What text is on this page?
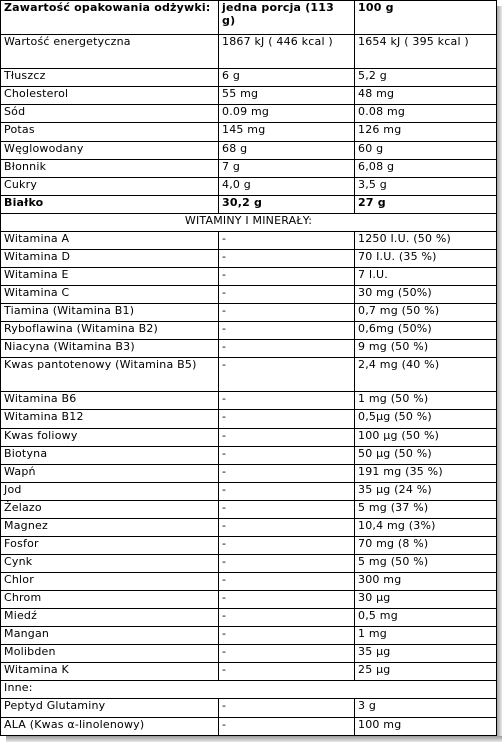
Zawartość opakowania odżywki:	jedna porcja (113 g)	100 g
Wartość energetyczna	1867 kJ ( 446 kcal )	1654 kJ ( 395 kcal )
Tłuszcz	6 g	5,2 g
Cholesterol	55 mg	48 mg
Sód	0.09 mg	0.08 mg
Potas	145 mg	126 mg
Węglowodany	68 g	60 g
Błonnik	7 g	6,08 g
Cukry	4,0 g	3,5 g
Białko	30,2 g	27 g
WITAMINY I MINERAŁY:		
Witamina A	-	1250 I.U. (50 %)
Witamina D	-	70 I.U. (35 %)
Witamina E	-	7 I.U.
Witamina C	-	30 mg (50%)
Tiamina (Witamina B1)	-	0,7 mg (50 %)
Ryboflawina (Witamina B2)	-	0,6mg (50%)
Niacyna (Witamina B3)	-	9 mg (50 %)
Kwas pantotenowy (Witamina B5)	-	2,4 mg (40 %)
Witamina B6	-	1 mg (50 %)
Witamina B12	-	0,5μg (50 %)
Kwas foliowy	-	100 μg (50 %)
Biotyna	-	50 μg (50 %)
Wapń	-	191 mg (35 %)
Jod	-	35 μg (24 %)
Żelazo	-	5 mg (37 %)
Magnez	-	10,4 mg (3%)
Fosfor	-	70 mg (8 %)
Cynk	-	5 mg (50 %)
Chlor	-	300 mg
Chrom	-	30 μg
Miedź	-	0,5 mg
Mangan	-	1 mg
Molibden	-	35 μg
Witamina K	-	25 μg
Inne:		
Peptyd Glutaminy	-	3 g
ALA (Kwas α-linolenowy)	-	100 mg
